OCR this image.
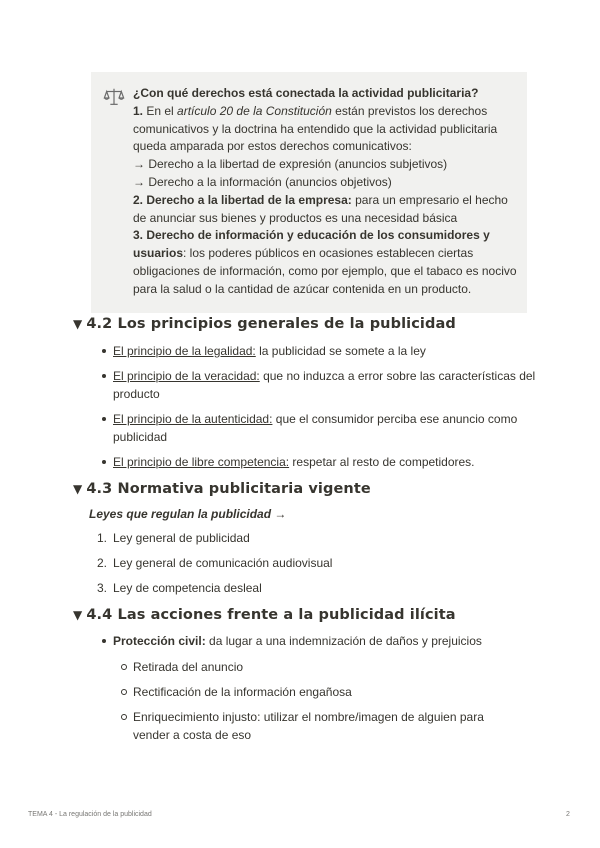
¿Con qué derechos está conectada la actividad publicitaria?

1. En el artículo 20 de la Constitución están previstos los derechos comunicativos y la doctrina ha entendido que la actividad publicitaria queda amparada por estos derechos comunicativos:

→ Derecho a la libertad de expresión (anuncios subjetivos)

→ Derecho a la información (anuncios objetivos)

2. Derecho a la libertad de la empresa: para un empresario el hecho de anunciar sus bienes y productos es una necesidad básica

3. Derecho de información y educación de los consumidores y usuarios: los poderes públicos en ocasiones establecen ciertas obligaciones de información, como por ejemplo, que el tabaco es nocivo para la salud o la cantidad de azúcar contenida en un producto.

▼ 4.2 Los principios generales de la publicidad
El principio de la legalidad: la publicidad se somete a la ley
El principio de la veracidad: que no induzca a error sobre las características del producto
El principio de la autenticidad: que el consumidor perciba ese anuncio como publicidad
El principio de libre competencia: respetar al resto de competidores.
▼ 4.3 Normativa publicitaria vigente
Leyes que regulan la publicidad →
1. Ley general de publicidad
2. Ley general de comunicación audiovisual
3. Ley de competencia desleal
▼ 4.4 Las acciones frente a la publicidad ilícita
Protección civil: da lugar a una indemnización de daños y prejuicios
Retirada del anuncio
Rectificación de la información engañosa
Enriquecimiento injusto: utilizar el nombre/imagen de alguien para vender a costa de eso
TEMA 4 - La regulación de la publicidad	2
